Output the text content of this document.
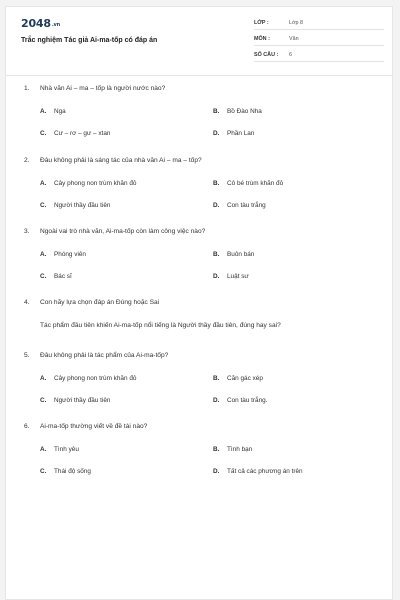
2048.vn
Trắc nghiệm Tác giả Ai-ma-tốp có đáp án
LỚP :	Lớp 8
MÔN :	Văn
SỐ CÂU : 6
1. Nhà văn Ai – ma – tốp là người nước nào?
A. Nga	B. Bồ Đào Nha
C. Cư – rơ – gư – xtan	D. Phần Lan
2. Đâu không phải là sáng tác của nhà văn Ai – ma – tốp?
A. Cây phong non trùm khăn đỏ	B. Cô bé trùm khăn đỏ
C. Người thầy đầu tiên	D. Con tàu trắng
3. Ngoài vai trò nhà văn, Ai-ma-tốp còn làm công việc nào?
A. Phóng viên	B. Buôn bán
C. Bác sĩ	D. Luật sư
4. Con hãy lựa chọn đáp án Đúng hoặc Sai
Tác phẩm đầu tiên khiến Ai-ma-tốp nổi tiếng là Người thầy đầu tiên, đúng hay sai?
5. Đâu không phải là tác phẩm của Ai-ma-tốp?
A. Cây phong non trùm khăn đỏ	B. Căn gác xép
C. Người thầy đầu tiên	D. Con tàu trắng.
6. Ai-ma-tốp thường viết về đề tài nào?
A. Tình yêu	B. Tình bạn
C. Thái độ sống	D. Tất cả các phương án trên
